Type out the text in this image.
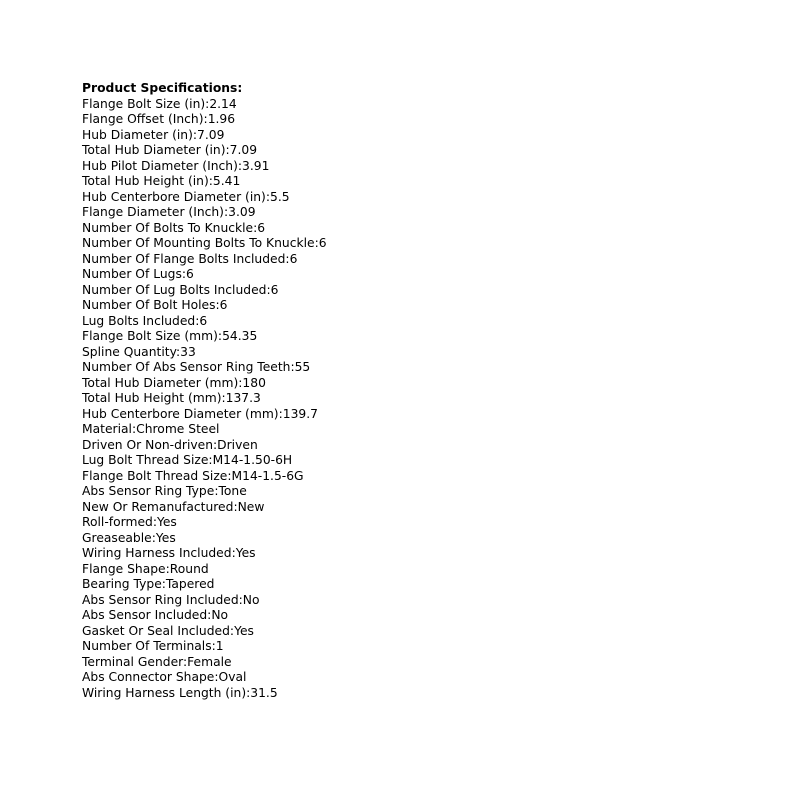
Product Specifications:
Flange Bolt Size (in):2.14
Flange Offset (Inch):1.96
Hub Diameter (in):7.09
Total Hub Diameter (in):7.09
Hub Pilot Diameter (Inch):3.91
Total Hub Height (in):5.41
Hub Centerbore Diameter (in):5.5
Flange Diameter (Inch):3.09
Number Of Bolts To Knuckle:6
Number Of Mounting Bolts To Knuckle:6
Number Of Flange Bolts Included:6
Number Of Lugs:6
Number Of Lug Bolts Included:6
Number Of Bolt Holes:6
Lug Bolts Included:6
Flange Bolt Size (mm):54.35
Spline Quantity:33
Number Of Abs Sensor Ring Teeth:55
Total Hub Diameter (mm):180
Total Hub Height (mm):137.3
Hub Centerbore Diameter (mm):139.7
Material:Chrome Steel
Driven Or Non-driven:Driven
Lug Bolt Thread Size:M14-1.50-6H
Flange Bolt Thread Size:M14-1.5-6G
Abs Sensor Ring Type:Tone
New Or Remanufactured:New
Roll-formed:Yes
Greaseable:Yes
Wiring Harness Included:Yes
Flange Shape:Round
Bearing Type:Tapered
Abs Sensor Ring Included:No
Abs Sensor Included:No
Gasket Or Seal Included:Yes
Number Of Terminals:1
Terminal Gender:Female
Abs Connector Shape:Oval
Wiring Harness Length (in):31.5
